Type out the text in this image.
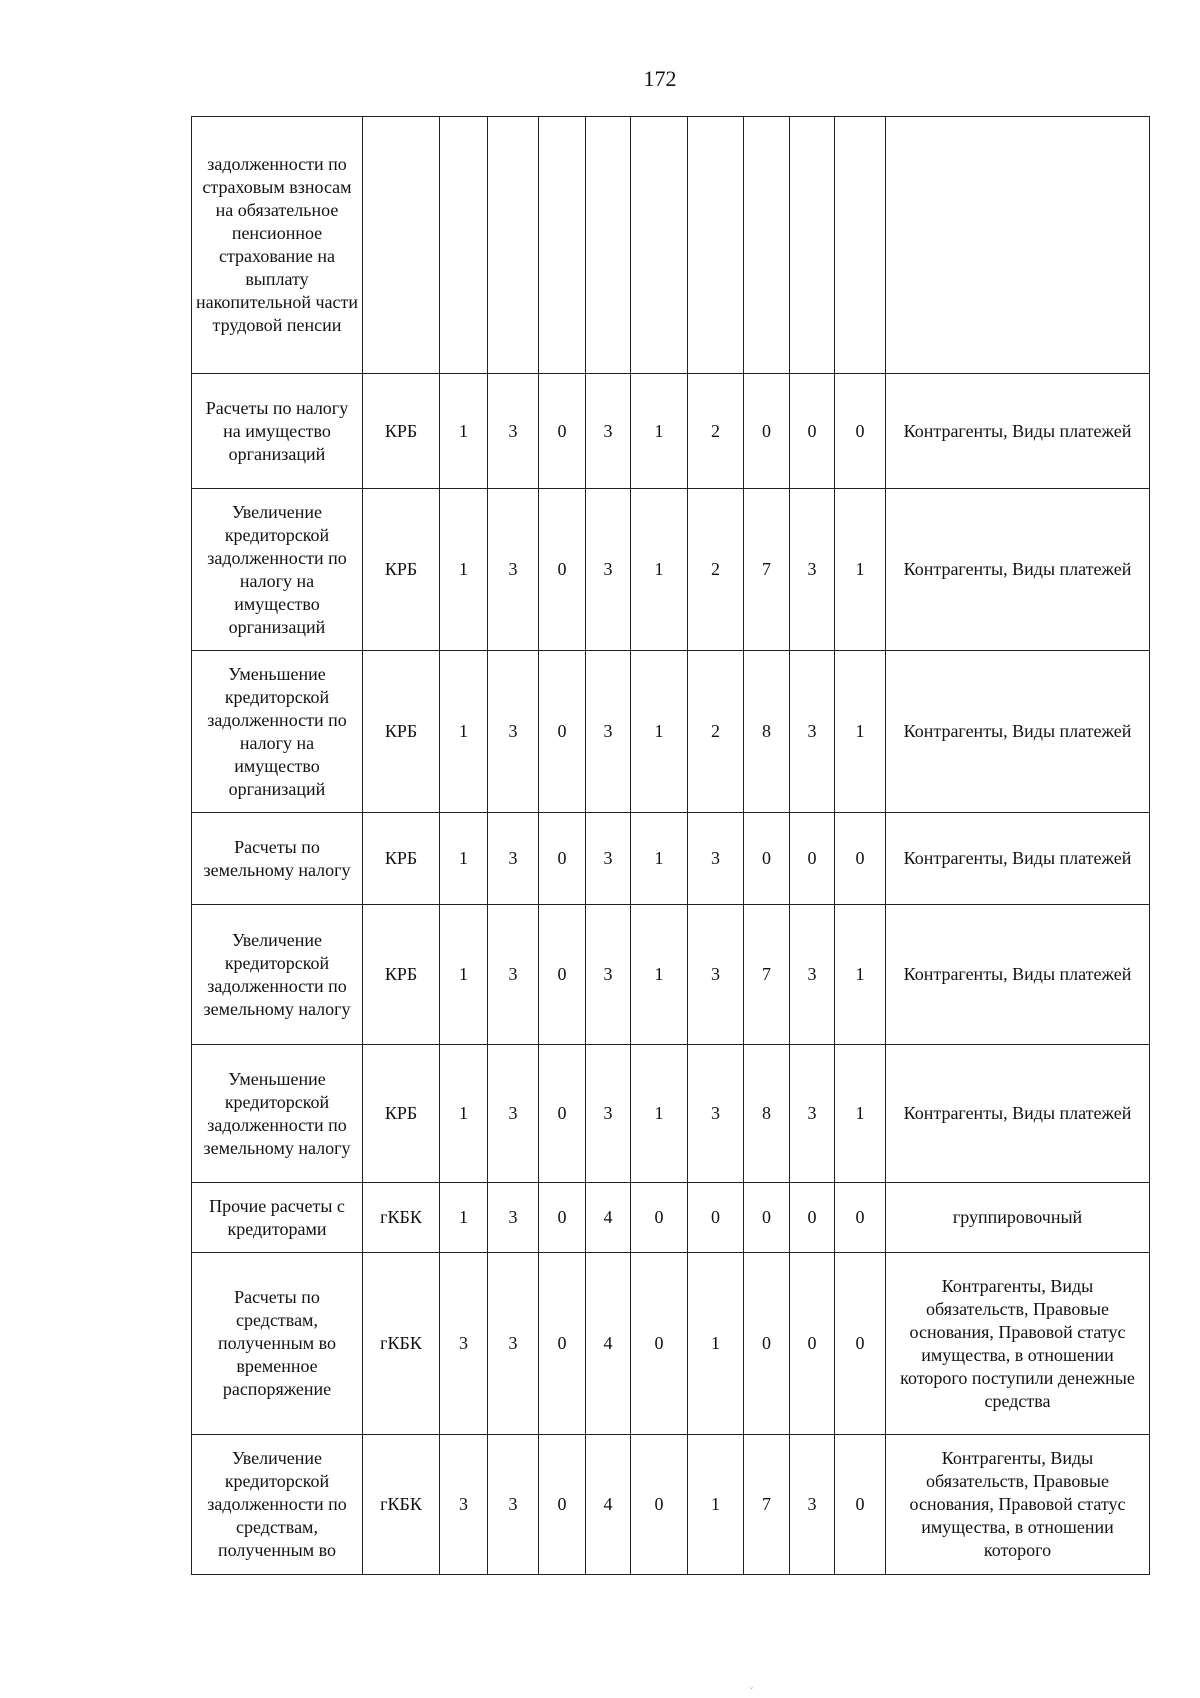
172
задолженности по страховым взносам на обязательное пенсионное страхование на выплату накопительной части трудовой пенсии											
Расчеты по налогу на имущество организаций	КРБ	1	3	0	3	1	2	0	0	0	Контрагенты, Виды платежей
Увеличение кредиторской задолженности по налогу на имущество организаций	КРБ	1	3	0	3	1	2	7	3	1	Контрагенты, Виды платежей
Уменьшение кредиторской задолженности по налогу на имущество организаций	КРБ	1	3	0	3	1	2	8	3	1	Контрагенты, Виды платежей
Расчеты по земельному налогу	КРБ	1	3	0	3	1	3	0	0	0	Контрагенты, Виды платежей
Увеличение кредиторской задолженности по земельному налогу	КРБ	1	3	0	3	1	3	7	3	1	Контрагенты, Виды платежей
Уменьшение кредиторской задолженности по земельному налогу	КРБ	1	3	0	3	1	3	8	3	1	Контрагенты, Виды платежей
Прочие расчеты с кредиторами	гКБК	1	3	0	4	0	0	0	0	0	группировочный
Расчеты по средствам, полученным во временное распоряжение	гКБК	3	3	0	4	0	1	0	0	0	Контрагенты, Виды обязательств, Правовые основания, Правовой статус имущества, в отношении которого поступили денежные средства
Увеличение кредиторской задолженности по средствам, полученным во	гКБК	3	3	0	4	0	1	7	3	0	Контрагенты, Виды обязательств, Правовые основания, Правовой статус имущества, в отношении которого
˘
